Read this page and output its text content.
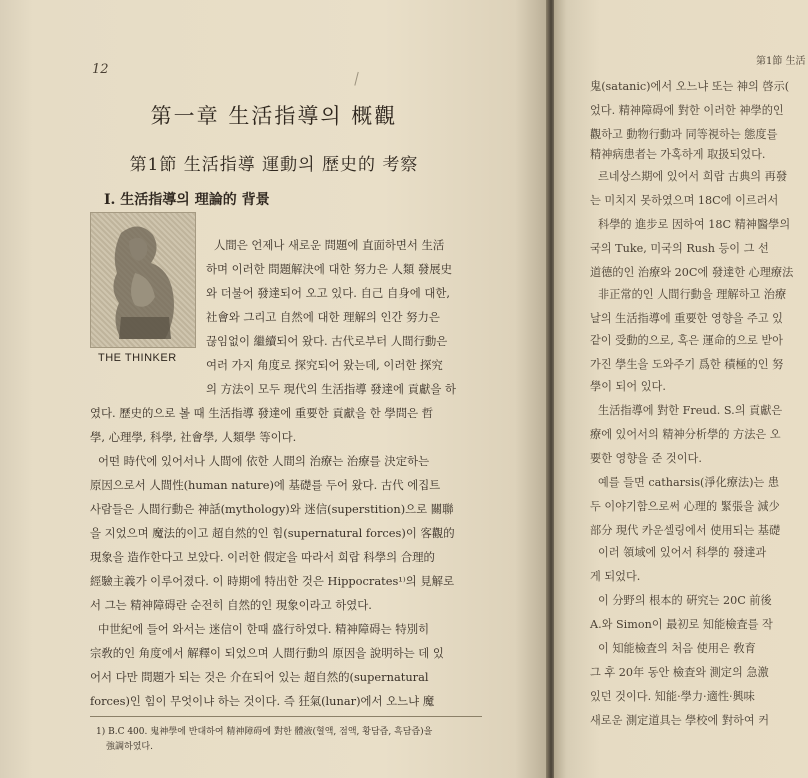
12
第一章 生活指導의 概觀
第1節 生活指導 運動의 歷史的 考察
I. 生活指導의 理論的 背景
THE THINKER
人間은 언제나 새로운 問題에 直面하면서 生活
하며 이러한 問題解決에 대한 努力은 人類 發展史
와 더불어 發達되어 오고 있다. 自己 自身에 대한,
社會와 그리고 自然에 대한 理解의 인간 努力은
끊임없이 繼續되어 왔다. 古代로부터 人間行動은
여러 가지 角度로 探究되어 왔는데, 이러한 探究
의 方法이 모두 現代의 生活指導 發達에 貢獻을 하
였다. 歷史的으로 볼 때 生活指導 發達에 重要한 貢獻을 한 學問은 哲
學, 心理學, 科學, 社會學, 人類學 等이다.
어떤 時代에 있어서나 人間에 依한 人間의 治療는 治療를 決定하는
原因으로서 人間性(human nature)에 基礎를 두어 왔다. 古代 에집트
사람들은 人間行動은 神話(mythology)와 迷信(superstition)으로 關聯
을 지었으며 魔法的이고 超自然的인 힘(supernatural forces)이 客觀的
現象을 造作한다고 보았다. 이러한 假定을 따라서 희랍 科學의 合理的
經驗主義가 이루어졌다. 이 時期에 特出한 것은 Hippocrates¹⁾의 見解로
서 그는 精神障碍란 순전히 自然的인 現象이라고 하였다.
中世紀에 들어 와서는 迷信이 한때 盛行하였다. 精神障碍는 特別히
宗敎的인 角度에서 解釋이 되었으며 人間行動의 原因을 說明하는 데 있
어서 다만 問題가 되는 것은 介在되어 있는 超自然的(supernatural
forces)인 힘이 무엇이냐 하는 것이다. 즉 狂氣(lunar)에서 오느냐 魔
1) B.C 400. 鬼神學에 반대하여 精神障碍에 對한 體液(혈액, 점액, 황담즙, 흑담즙)을
強調하였다.
第1節 生活
鬼(satanic)에서 오느냐 또는 神의 啓示(
었다. 精神障碍에 對한 이러한 神學的인
觀하고 動物行動과 同等視하는 態度를
精神病患者는 가혹하게 取扱되었다.
르네상스期에 있어서 희랍 古典의 再發
는 미치지 못하였으며 18C에 이르러서
科學的 進步로 因하여 18C 精神醫學의
국의 Tuke, 미국의 Rush 등이 그 선
道德的인 治療와 20C에 發達한 心理療法
非正常的인 人間行動을 理解하고 治療
날의 生活指導에 重要한 영향을 주고 있
같이 受動的으로, 혹은 運命的으로 받아
가진 學生을 도와주기 爲한 積極的인 努
學이 되어 있다.
生活指導에 對한 Freud. S.의 貢獻은
療에 있어서의 精神分析學的 方法은 오
要한 영향을 준 것이다.
예를 들면 catharsis(淨化療法)는 患
두 이야기함으로써 心理的 緊張을 減少
部分 現代 카운셀링에서 使用되는 基礎
이러 領域에 있어서 科學的 發達과
게 되었다.
이 分野의 根本的 硏究는 20C 前後
A.와 Simon이 最初로 知能檢査를 작
이 知能檢査의 처음 使用은 敎育
그 후 20年 동안 檢査와 測定의 急激
있던 것이다. 知能·學力·適性·興味
새로운 測定道具는 學校에 對하여 커
